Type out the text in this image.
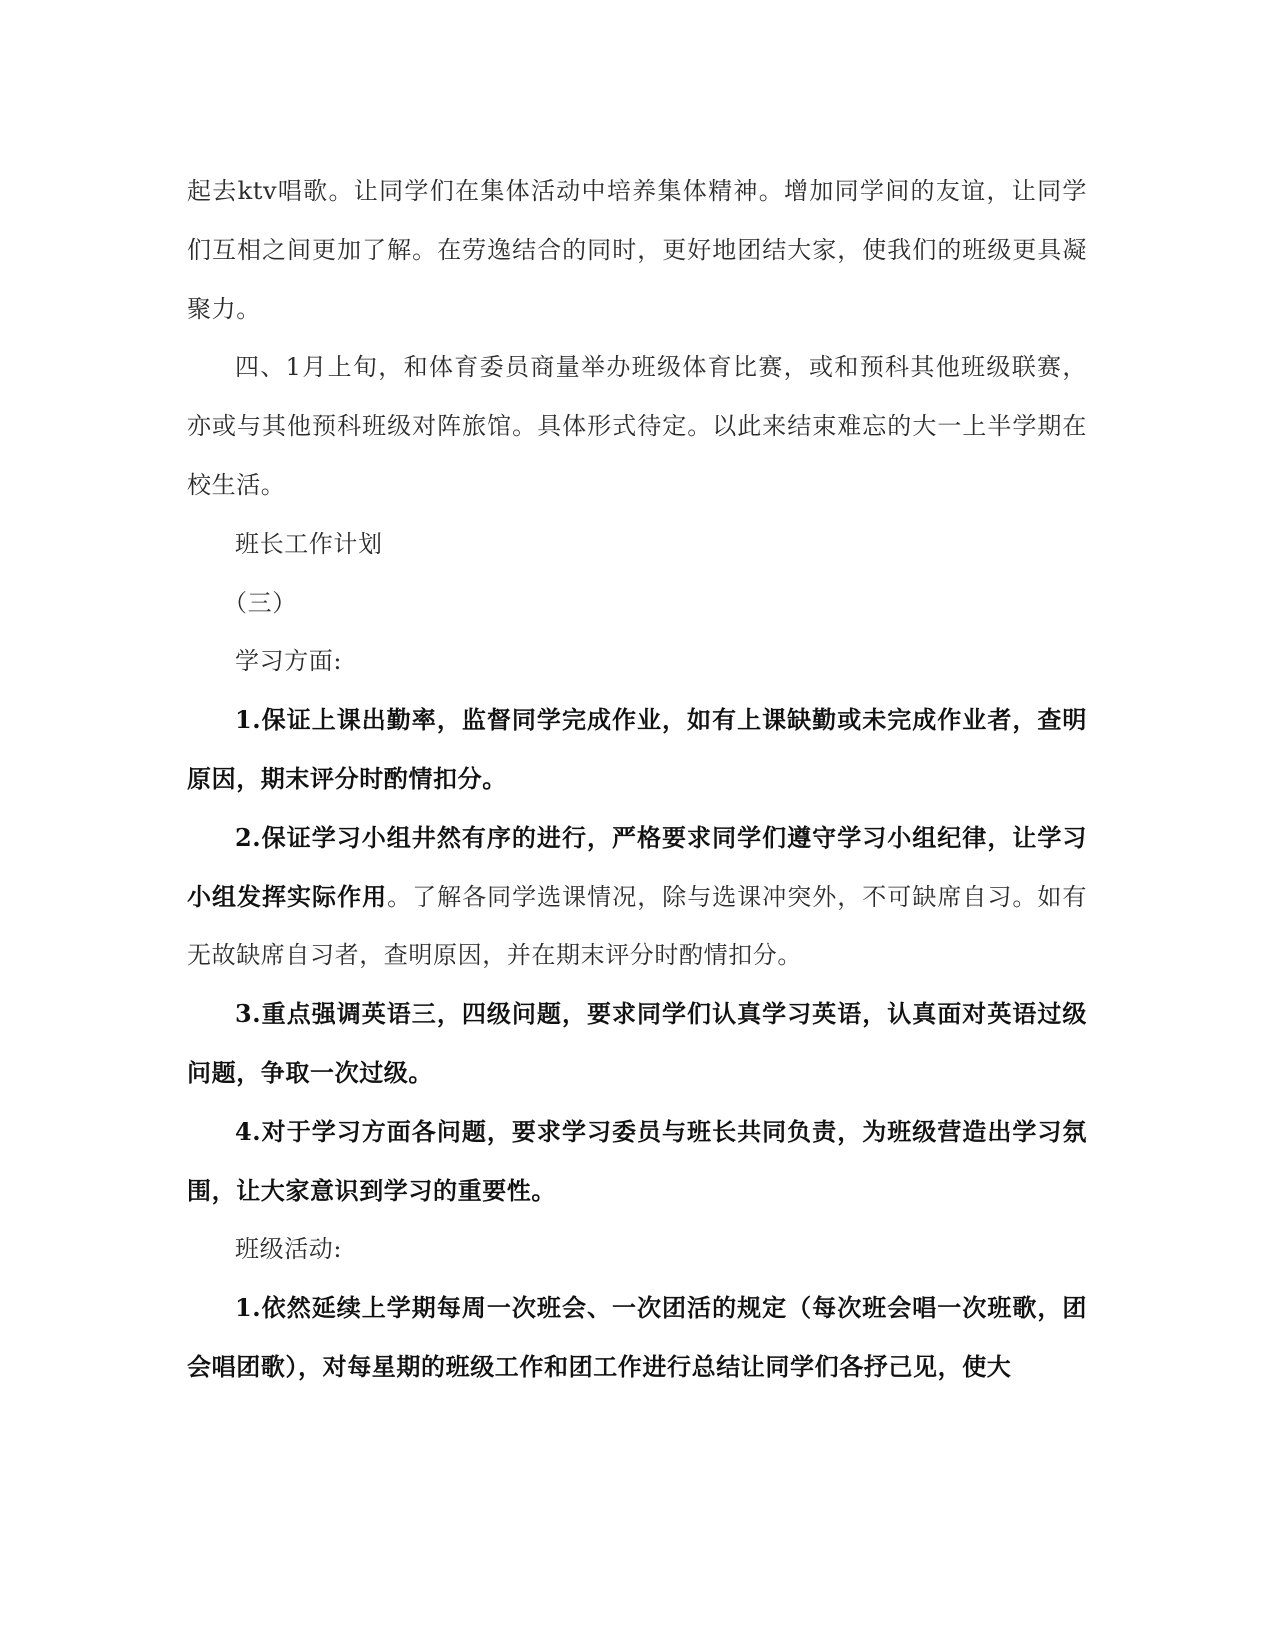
起去ktv唱歌。让同学们在集体活动中培养集体精神。增加同学间的友谊，让同学们互相之间更加了解。在劳逸结合的同时，更好地团结大家，使我们的班级更具凝聚力。

四、1月上旬，和体育委员商量举办班级体育比赛，或和预科其他班级联赛，亦或与其他预科班级对阵旅馆。具体形式待定。以此来结束难忘的大一上半学期在校生活。

班长工作计划

（三）

学习方面:

1.保证上课出勤率，监督同学完成作业，如有上课缺勤或未完成作业者，查明原因，期末评分时酌情扣分。

2.保证学习小组井然有序的进行，严格要求同学们遵守学习小组纪律，让学习小组发挥实际作用。了解各同学选课情况，除与选课冲突外，不可缺席自习。如有无故缺席自习者，查明原因，并在期末评分时酌情扣分。

3.重点强调英语三，四级问题，要求同学们认真学习英语，认真面对英语过级问题，争取一次过级。

4.对于学习方面各问题，要求学习委员与班长共同负责，为班级营造出学习氛围，让大家意识到学习的重要性。

班级活动:

1.依然延续上学期每周一次班会、一次团活的规定（每次班会唱一次班歌，团会唱团歌），对每星期的班级工作和团工作进行总结让同学们各抒己见，使大
